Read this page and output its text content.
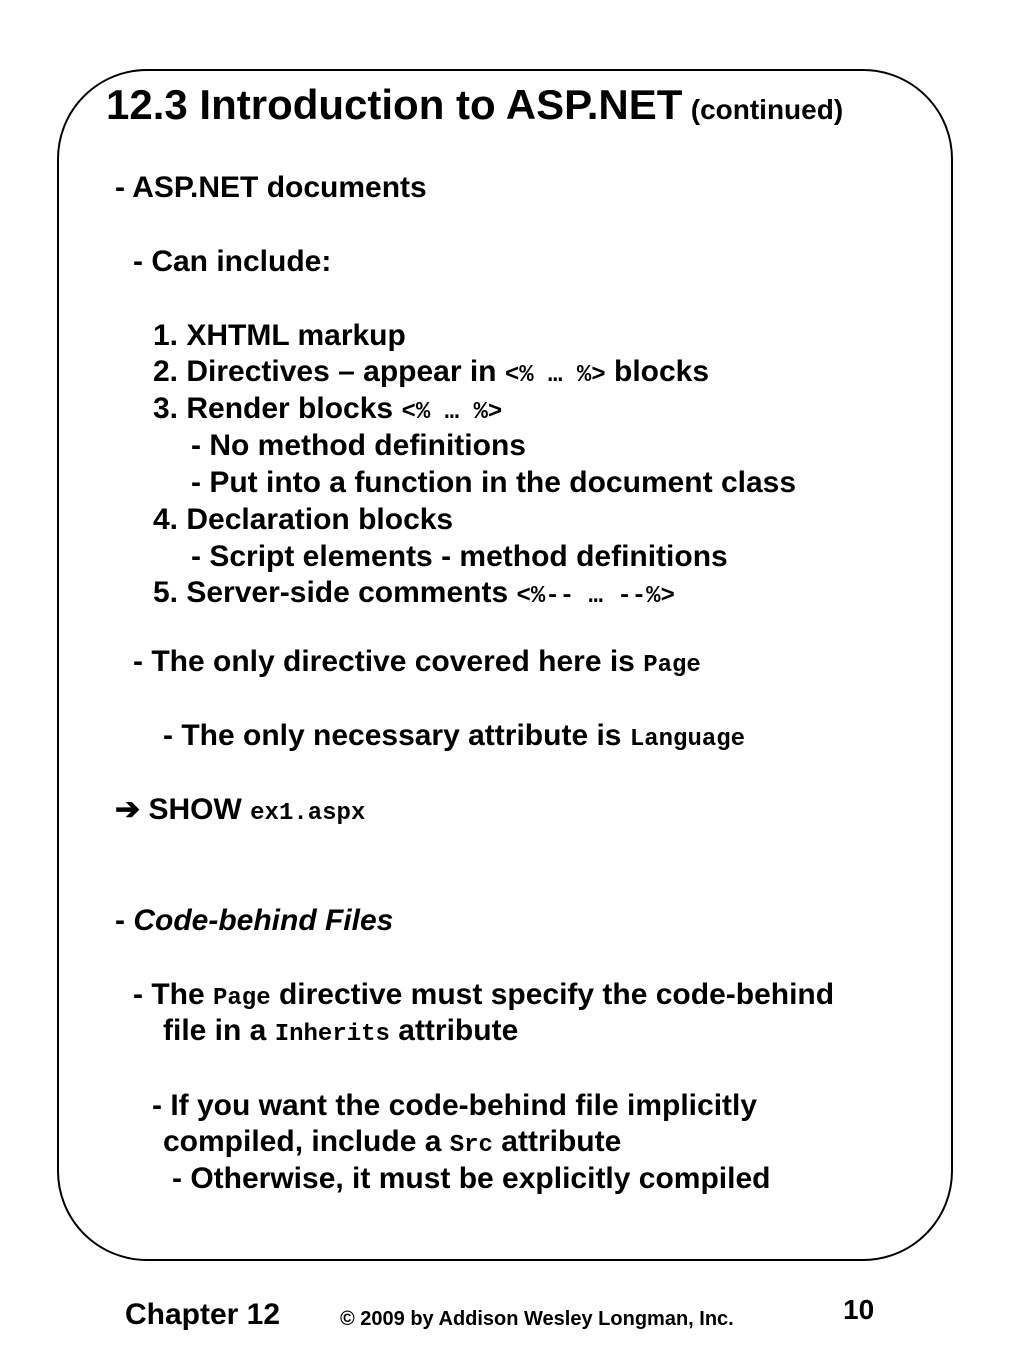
12.3 Introduction to ASP.NET (continued)
- ASP.NET documents
- Can include:
1. XHTML markup
2. Directives – appear in <% … %> blocks
3. Render blocks <% … %>
- No method definitions
- Put into a function in the document class
4. Declaration blocks
- Script elements - method definitions
5. Server-side comments <%-- … --%>
- The only directive covered here is Page
- The only necessary attribute is Language
➔ SHOW ex1.aspx
- Code-behind Files
- The Page directive must specify the code-behind
file in a Inherits attribute
- If you want the code-behind file implicitly
compiled, include a Src attribute
- Otherwise, it must be explicitly compiled
Chapter 12	© 2009 by Addison Wesley Longman, Inc.	10
